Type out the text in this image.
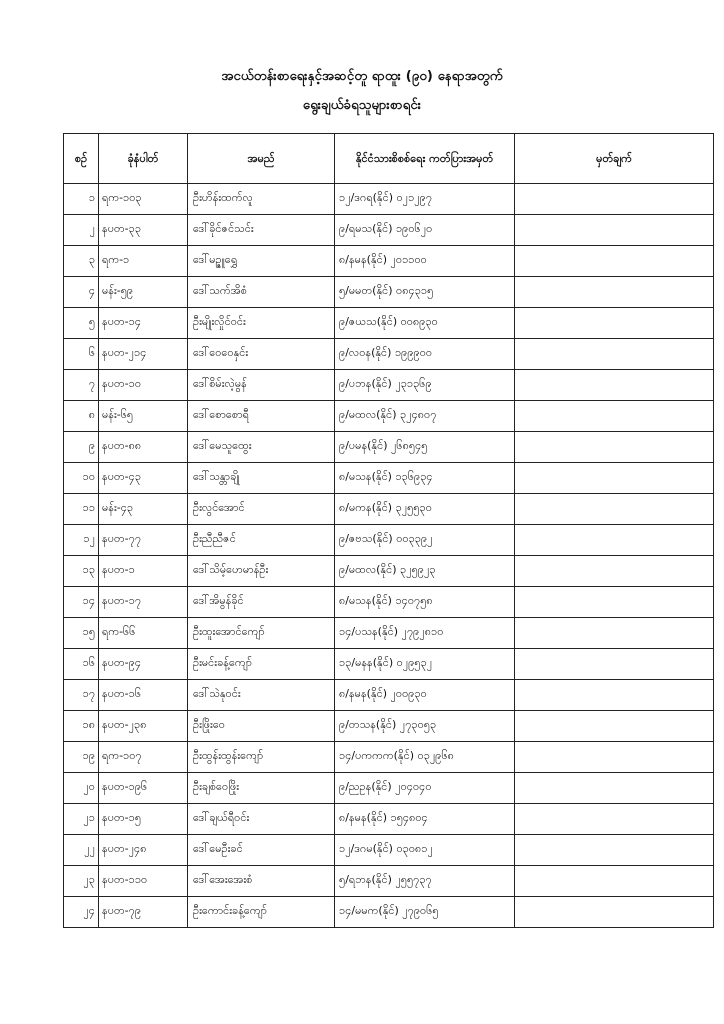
အငယ်တန်းစာရေးနှင့်အဆင့်တူ ရာထူး (၉၀) နေရာအတွက်
ရွေးချယ်ခံရသူများစာရင်း
စဉ်	ခုံနံပါတ်	အမည်	နိုင်ငံသားစိစစ်ရေး ကတ်ပြားအမှတ်	မှတ်ချက်
၁	ရက-၁၀၃	ဦးဟိန်းထက်လူ	၁၂/ဒဂရ(နိုင်) ၀၂၁၂၉၇	
၂	နပတ-၃၃	ဒေါ်ခိုင်ဇင်သင်း	၉/ရမသ(နိုင်) ၁၉၀၆၂၀	
၃	ရက-၁	ဒေါ်မဉ္ဇူရွှေ	၈/နမန(နိုင်) ၂၀၁၁၀၀	
၄	မန်း-၅၉	ဒေါ်သက်အိစံ	၅/မမတ(နိုင်) ၀၈၄၃၁၅	
၅	နပတ-၁၄	ဦးမျိုးလှိုင်ဝင်း	၉/ဇယသ(နိုင်) ၀၀၈၉၃၀	
၆	နပတ-၂၁၄	ဒေါ်ဝေဝေနှင်း	၉/လဝန(နိုင်) ၁၉၉၉၀၀	
၇	နပတ-၁၀	ဒေါ်စိမ်းလဲ့မွန်	၉/ပဘန(နိုင်) ၂၃၁၃၆၉	
၈	မန်း-၆၅	ဒေါ်စောစောရီ	၉/မထလ(နိုင်) ၃၂၄၈၀၇	
၉	နပတ-၈၈	ဒေါ်မေသူထွေး	၉/ပမန(နိုင်) ၂၆၈၅၄၅	
၁၀	နပတ-၄၃	ဒေါ်သန္တာချို	၈/မသန(နိုင်) ၁၃၆၉၃၄	
၁၁	မန်း-၄၃	ဦးလွင်အောင်	၈/မကန(နိုင်) ၃၂၅၅၃၀	
၁၂	နပတ-၇၇	ဦးညီညီဇင်	၉/ဇဗသ(နိုင်) ၀၀၃၃၉၂	
၁၃	နပတ-၁	ဒေါ်သိမ့်ဟေမာန်ဦး	၉/မထလ(နိုင်) ၃၂၅၉၂၃	
၁၄	နပတ-၁၇	ဒေါ်အိမွန်ခိုင်	၈/မသန(နိုင်) ၁၄၀၇၅၈	
၁၅	ရက-၆၆	ဦးထူးအောင်ကျော်	၁၄/ပသန(နိုင်) ၂၇၉၂၈၁၀	
၁၆	နပတ-၉၄	ဦးမင်းခန့်ကျော်	၁၃/မနန(နိုင်) ၀၂၉၅၃၂	
၁၇	နပတ-၁၆	ဒေါ်သဲနုဝင်း	၈/နမန(နိုင်) ၂၀၀၉၃၀	
၁၈	နပတ-၂၃၈	ဦးဖြိုးဝေ	၉/တသန(နိုင်) ၂၇၃၀၅၃	
၁၉	ရက-၁၀၇	ဦးထွန်းထွန်းကျော်	၁၄/ပကကက(နိုင်) ၀၃၂၉၆၈	
၂၀	နပတ-၁၉၆	ဦးချစ်ဝေဖြိုး	၉/ညဥန(နိုင်) ၂၀၄၀၄၀	
၂၁	နပတ-၁၅	ဒေါ်ချယ်ရီဝင်း	၈/နမန(နိုင်) ၁၅၄၈၀၄	
၂၂	နပတ-၂၄၈	ဒေါ်မေဦးခင်	၁၂/ဒဂမ(နိုင်) ၀၃၀၈၁၂	
၂၃	နပတ-၁၁၀	ဒေါ်အေးအေးစံ	၅/ရဘန(နိုင်) ၂၅၅၇၃၇	
၂၄	နပတ-၇၉	ဦးကောင်းခန့်ကျော်	၁၄/မမက(နိုင်) ၂၇၉၀၆၅	
